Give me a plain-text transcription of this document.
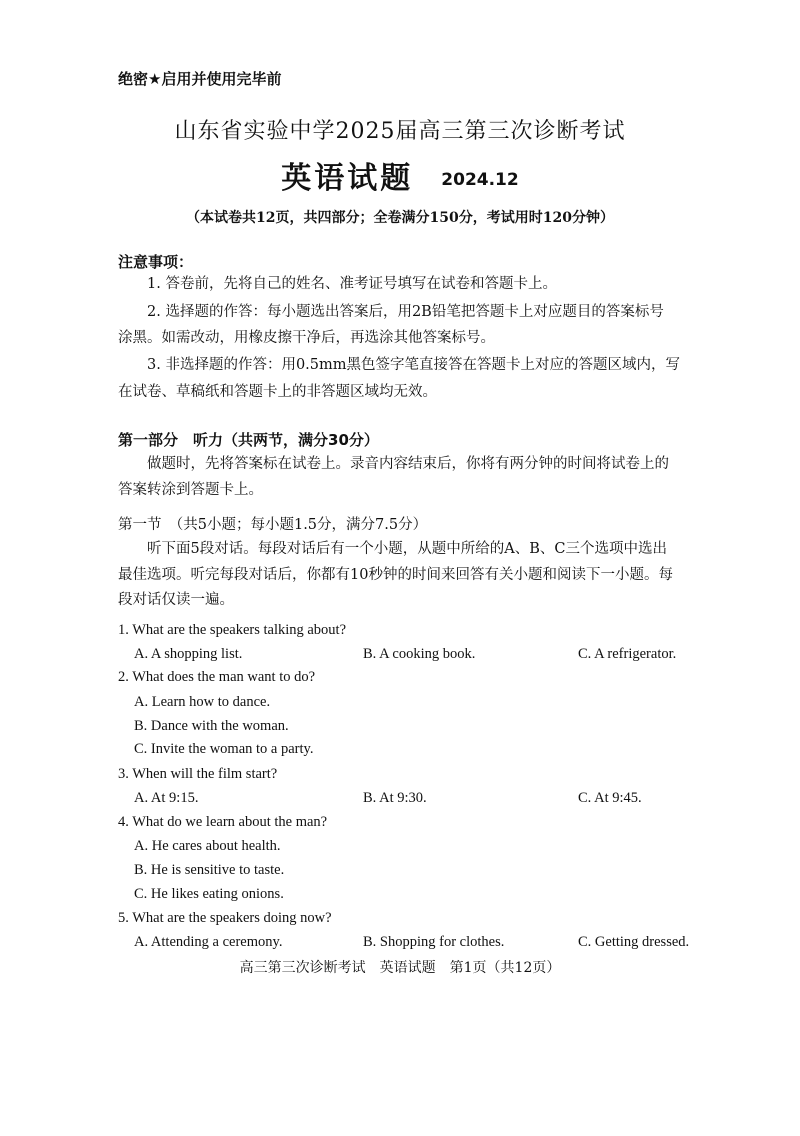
绝密★启用并使用完毕前
山东省实验中学2025届高三第三次诊断考试
英语试题 2024.12
（本试卷共12页，共四部分；全卷满分150分，考试用时120分钟）
注意事项：
1. 答卷前，先将自己的姓名、准考证号填写在试卷和答题卡上。
2. 选择题的作答：每小题选出答案后，用2B铅笔把答题卡上对应题目的答案标号
涂黑。如需改动，用橡皮擦干净后，再选涂其他答案标号。
3. 非选择题的作答：用0.5mm黑色签字笔直接答在答题卡上对应的答题区域内，写
在试卷、草稿纸和答题卡上的非答题区域均无效。
第一部分　听力（共两节，满分30分）
做题时，先将答案标在试卷上。录音内容结束后，你将有两分钟的时间将试卷上的
答案转涂到答题卡上。
第一节　（共5小题；每小题1.5分，满分7.5分）
听下面5段对话。每段对话后有一个小题，从题中所给的A、B、C三个选项中选出
最佳选项。听完每段对话后，你都有10秒钟的时间来回答有关小题和阅读下一小题。每
段对话仅读一遍。
1. What are the speakers talking about?
A. A shopping list.	B. A cooking book.	C. A refrigerator.
2. What does the man want to do?
A. Learn how to dance.
B. Dance with the woman.
C. Invite the woman to a party.
3. When will the film start?
A. At 9:15.	B. At 9:30.	C. At 9:45.
4. What do we learn about the man?
A. He cares about health.
B. He is sensitive to taste.
C. He likes eating onions.
5. What are the speakers doing now?
A. Attending a ceremony.	B. Shopping for clothes.	C. Getting dressed.
高三第三次诊断考试　英语试题　第1页（共12页）
